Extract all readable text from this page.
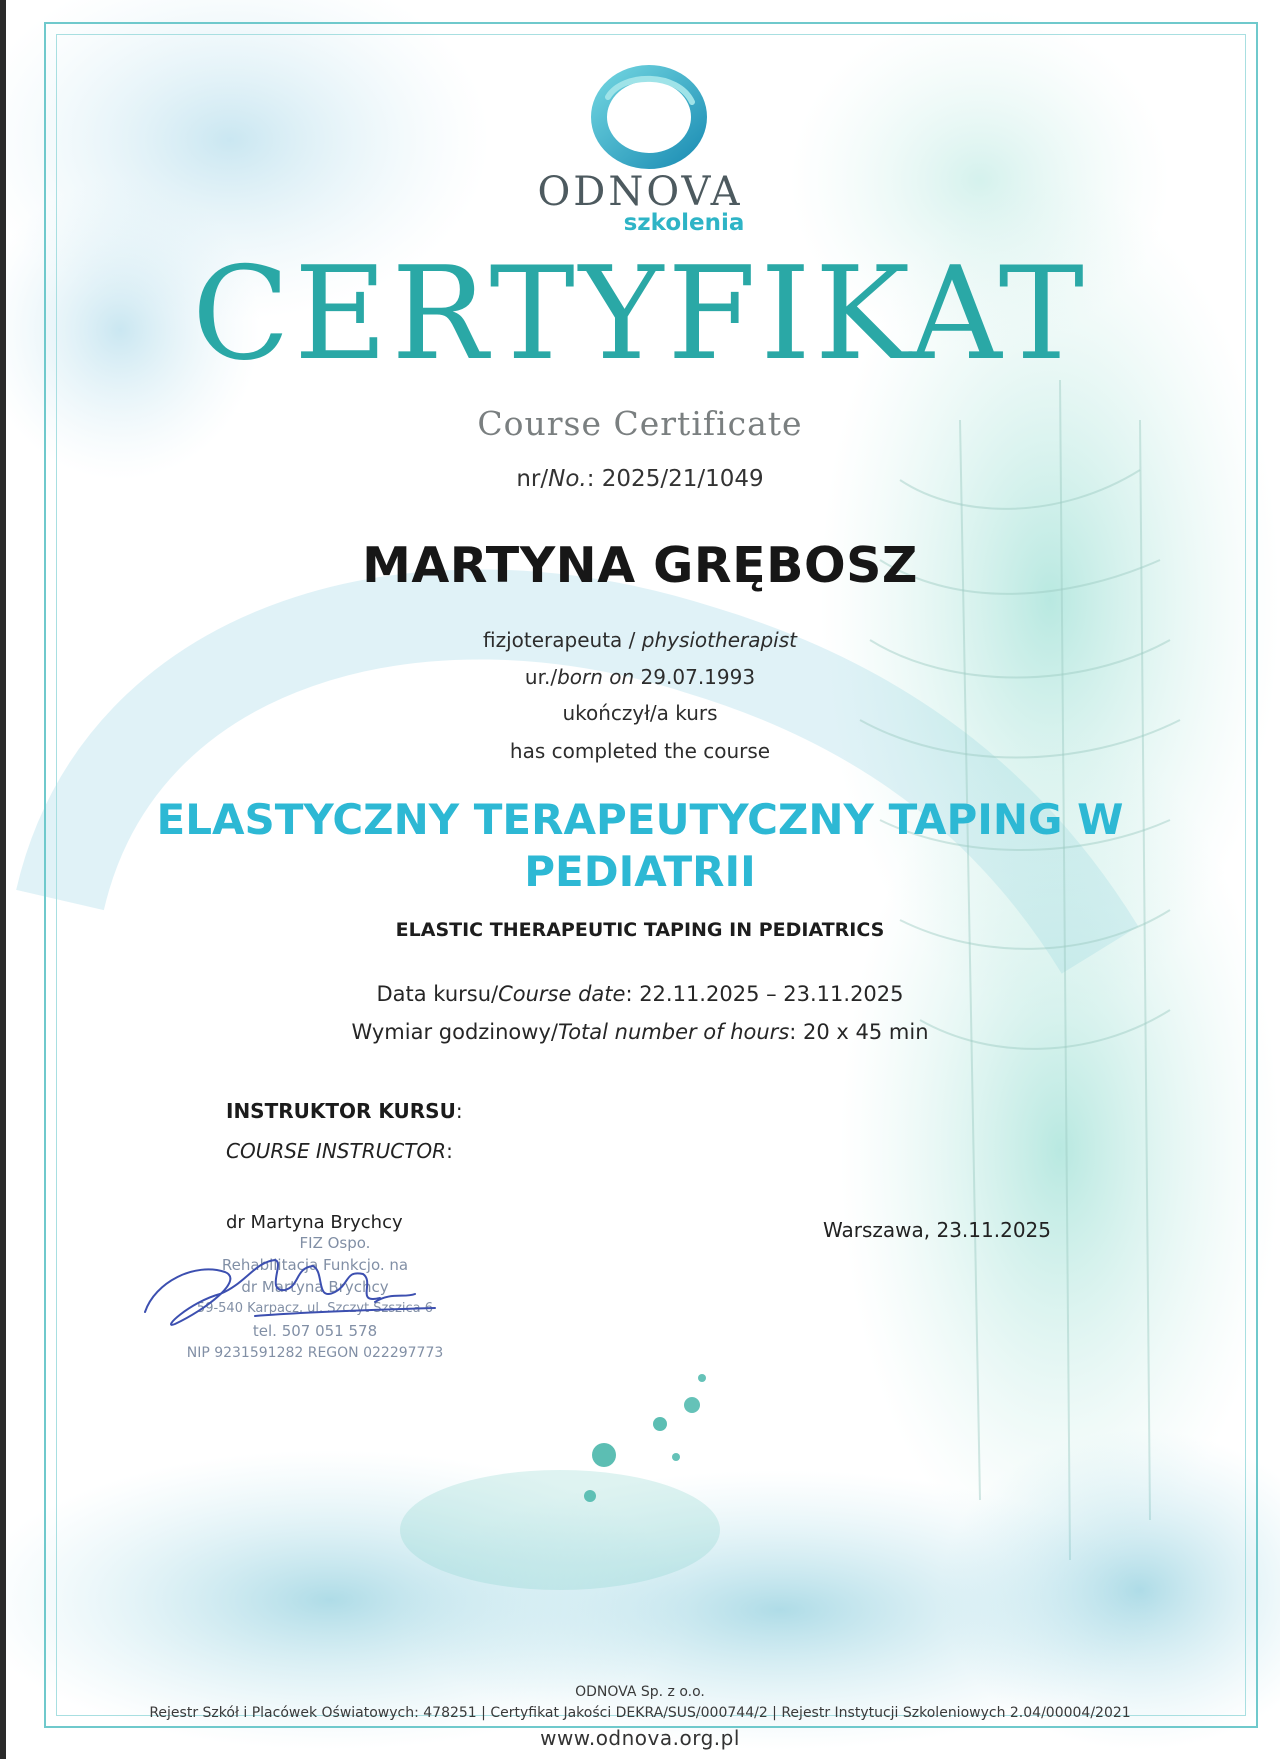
ODNOVA
szkolenia
CERTYFIKAT
Course Certificate
nr/No.: 2025/21/1049
MARTYNA GRĘBOSZ
fizjoterapeuta / physiotherapist
ur./born on 29.07.1993
ukończył/a kurs
has completed the course
ELASTYCZNY TERAPEUTYCZNY TAPING W
PEDIATRII
ELASTIC THERAPEUTIC TAPING IN PEDIATRICS
Data kursu/Course date: 22.11.2025 – 23.11.2025
Wymiar godzinowy/Total number of hours: 20 x 45 min
INSTRUKTOR KURSU:
COURSE INSTRUCTOR:
dr Martyna Brychcy
FIZ Ospo.
Rehabilitacja Funkcjo. na
dr Martyna Brychcy
59-540 Karpacz, ul. Szczyt Szszica 6
tel. 507 051 578
NIP 9231591282 REGON 022297773
Warszawa, 23.11.2025
ODNOVA Sp. z o.o.
Rejestr Szkół i Placówek Oświatowych: 478251 | Certyfikat Jakości DEKRA/SUS/000744/2 | Rejestr Instytucji Szkoleniowych 2.04/00004/2021
www.odnova.org.pl
